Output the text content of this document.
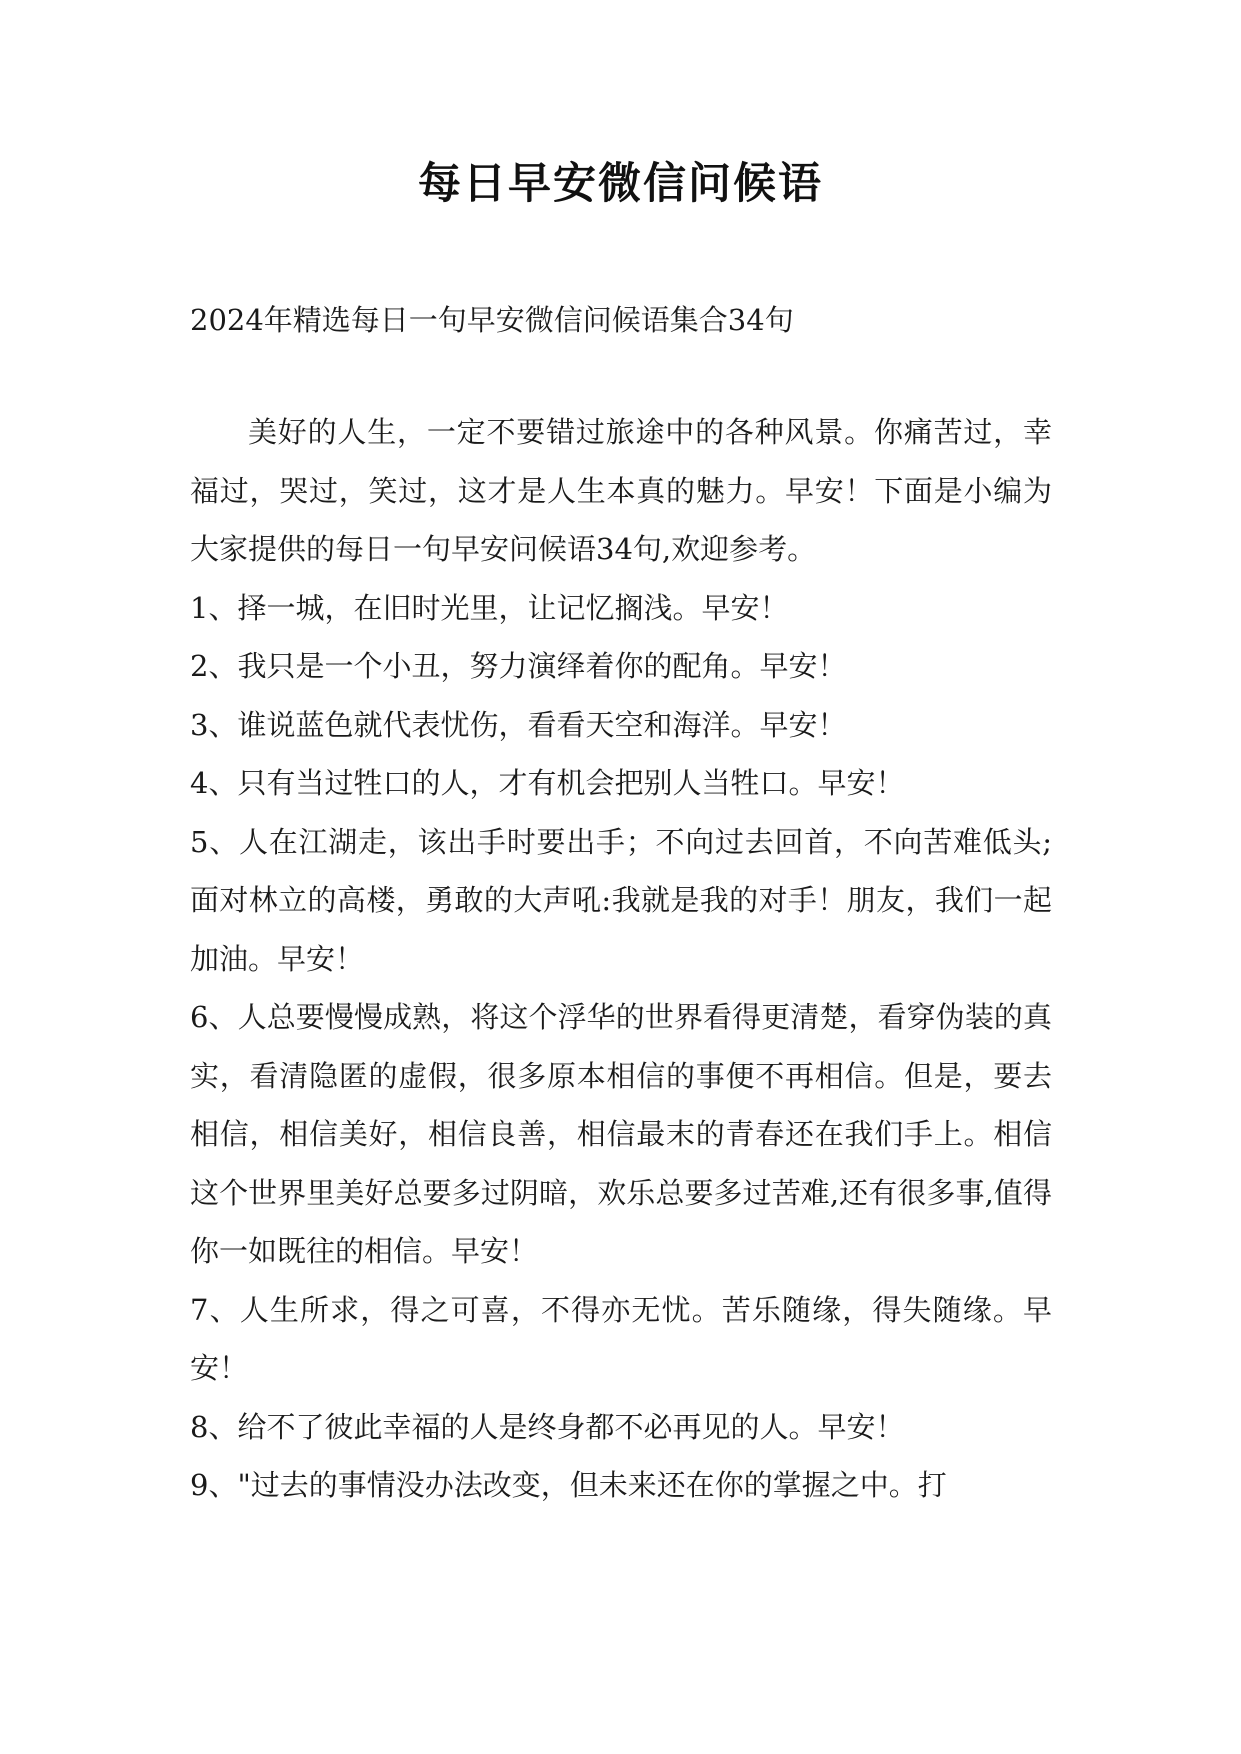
每日早安微信问候语
2024年精选每日一句早安微信问候语集合34句

美好的人生，一定不要错过旅途中的各种风景。你痛苦过，幸福过，哭过，笑过，这才是人生本真的魅力。早安！下面是小编为大家提供的每日一句早安问候语34句,欢迎参考。

1、择一城，在旧时光里，让记忆搁浅。早安！

2、我只是一个小丑，努力演绎着你的配角。早安！

3、谁说蓝色就代表忧伤，看看天空和海洋。早安！

4、只有当过牲口的人，才有机会把别人当牲口。早安！

5、人在江湖走，该出手时要出手；不向过去回首，不向苦难低头;面对林立的高楼，勇敢的大声吼:我就是我的对手！朋友，我们一起加油。早安！

6、人总要慢慢成熟，将这个浮华的世界看得更清楚，看穿伪装的真实，看清隐匿的虚假，很多原本相信的事便不再相信。但是，要去相信，相信美好，相信良善，相信最末的青春还在我们手上。相信这个世界里美好总要多过阴暗，欢乐总要多过苦难,还有很多事,值得你一如既往的相信。早安！

7、人生所求，得之可喜，不得亦无忧。苦乐随缘，得失随缘。早安！

8、给不了彼此幸福的人是终身都不必再见的人。早安！

9、"过去的事情没办法改变，但未来还在你的掌握之中。打
